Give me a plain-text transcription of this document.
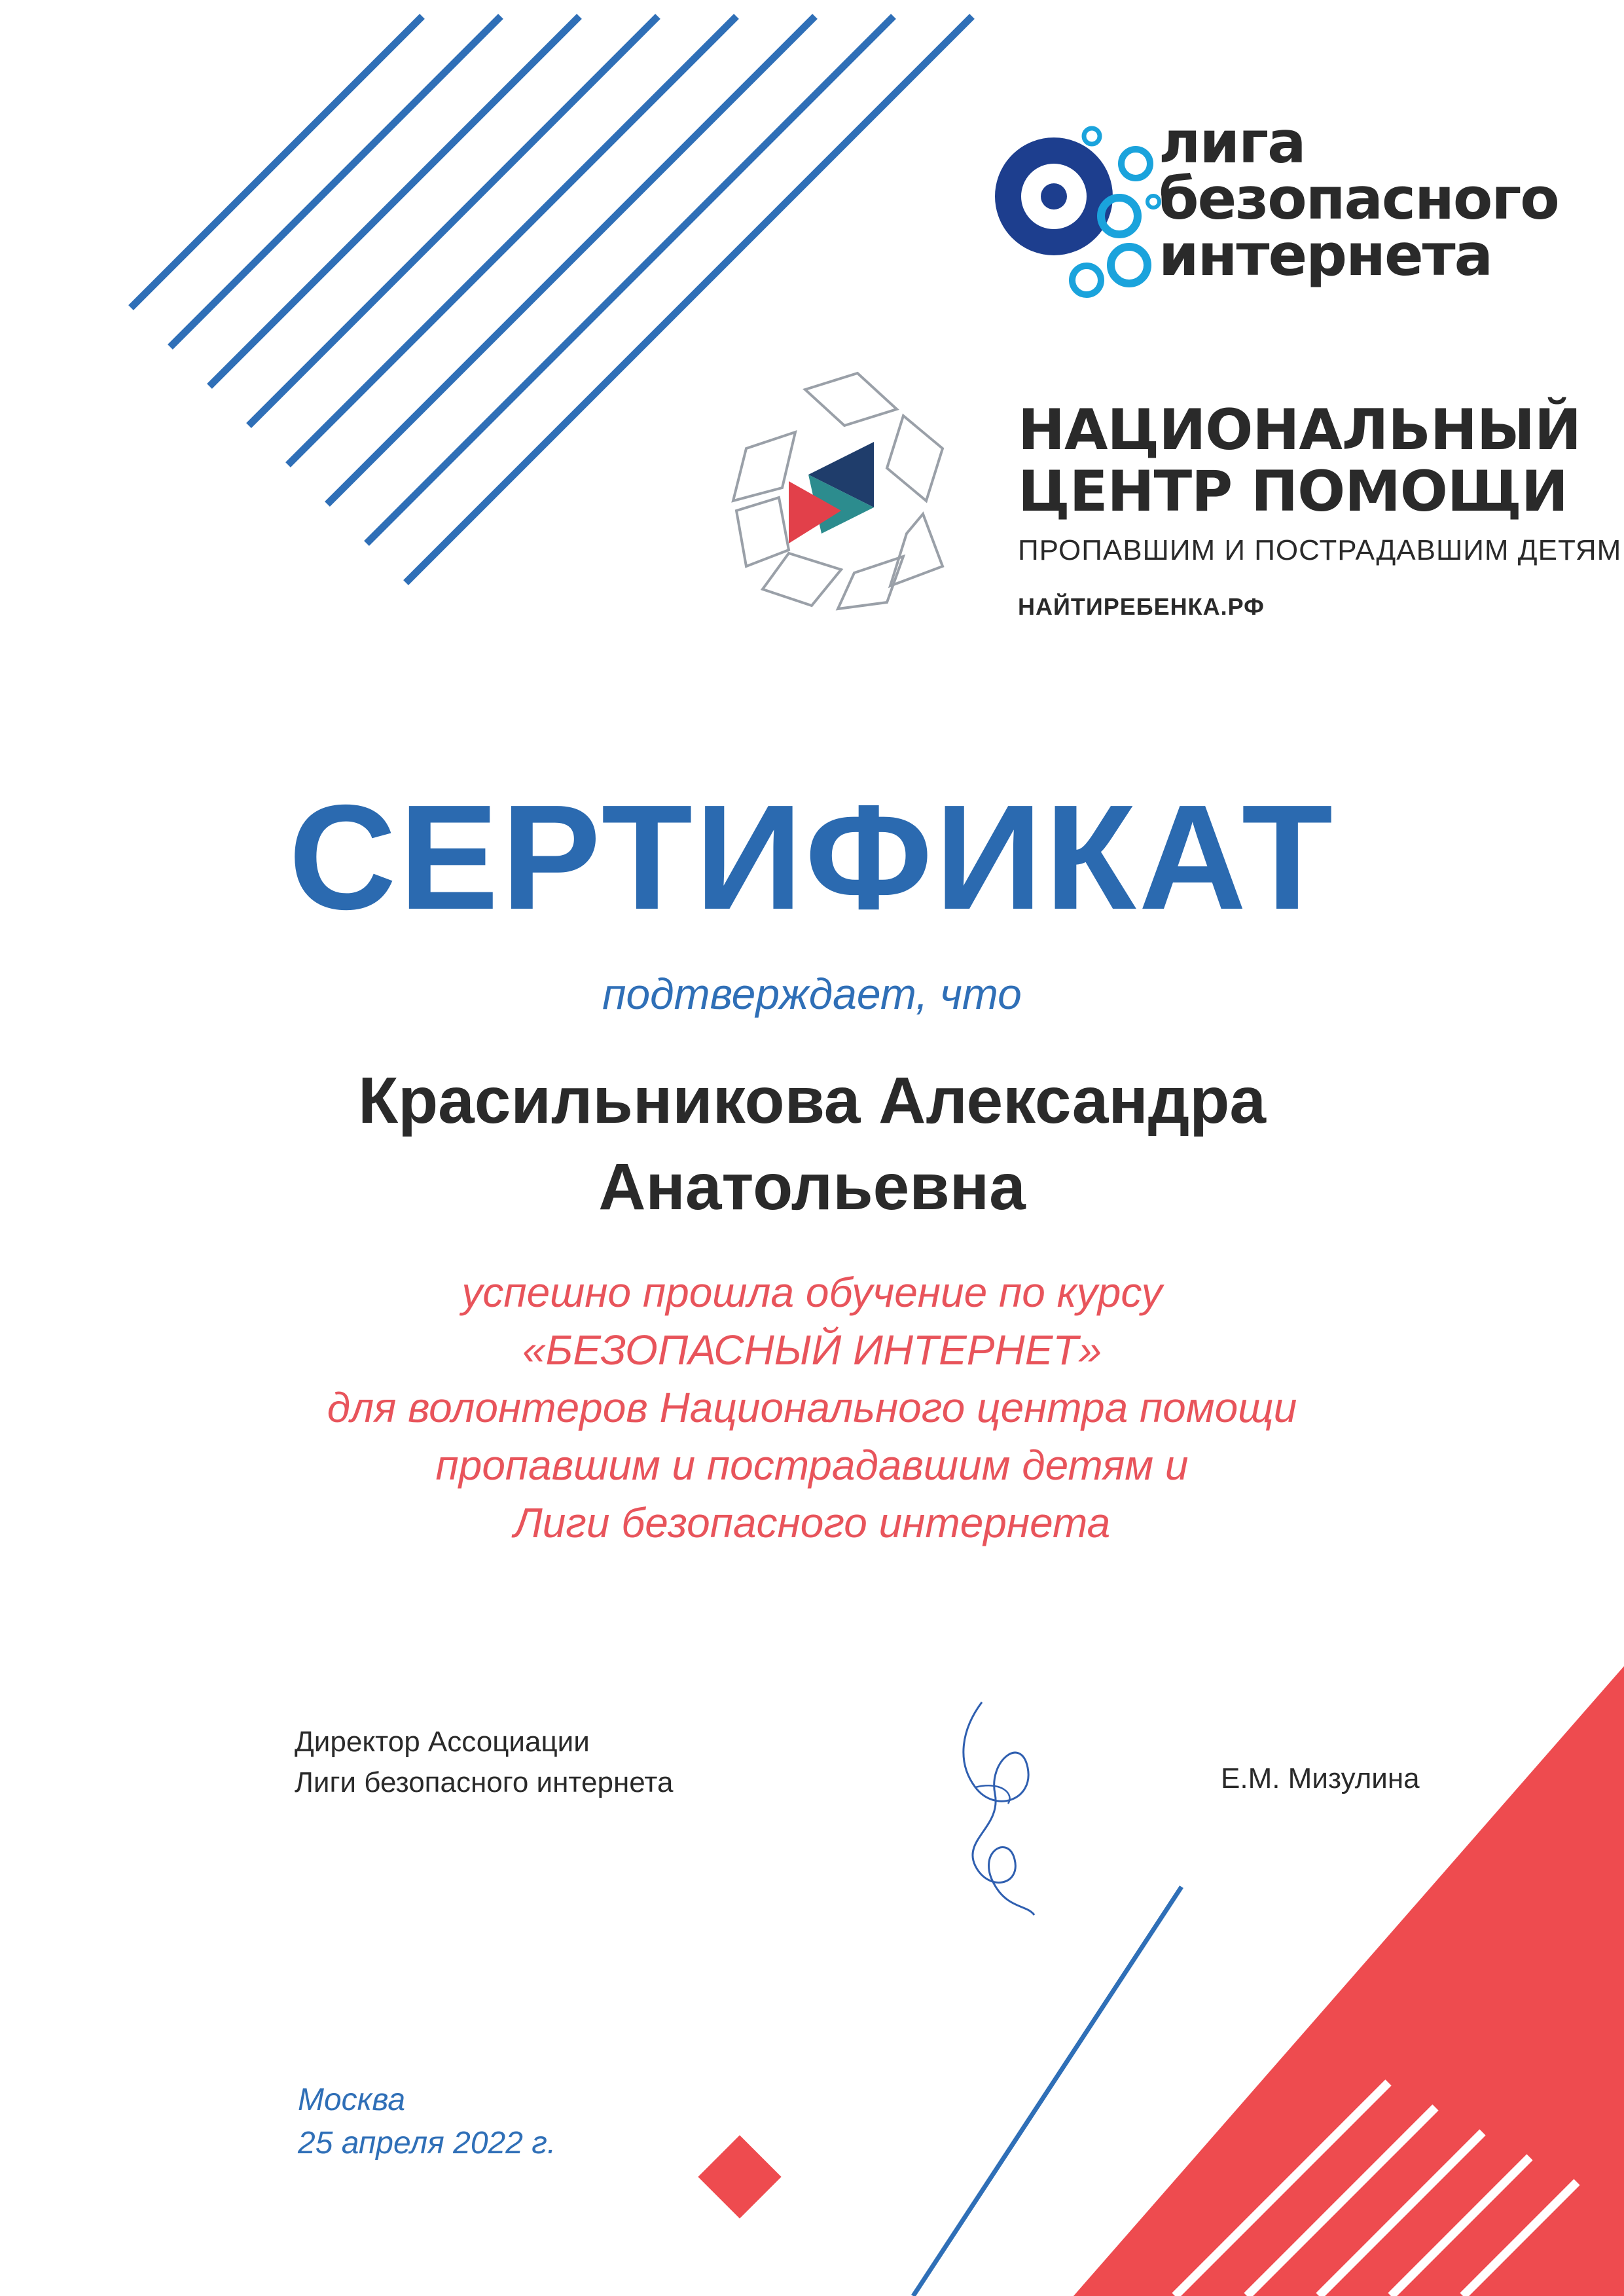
лига
безопасного
интернета
НАЦИОНАЛЬНЫЙ
ЦЕНТР ПОМОЩИ
ПРОПАВШИМ И ПОСТРАДАВШИМ ДЕТЯМ
НАЙТИРЕБЕНКА.РФ
СЕРТИФИКАТ
подтверждает, что
Красильникова Александра
Анатольевна
успешно прошла обучение по курсу
«БЕЗОПАСНЫЙ ИНТЕРНЕТ»
для волонтеров Национального центра помощи
пропавшим и пострадавшим детям и
Лиги безопасного интернета
Директор Ассоциации
Лиги безопасного интернета	Е.М. Мизулина
Москва
25 апреля 2022 г.
